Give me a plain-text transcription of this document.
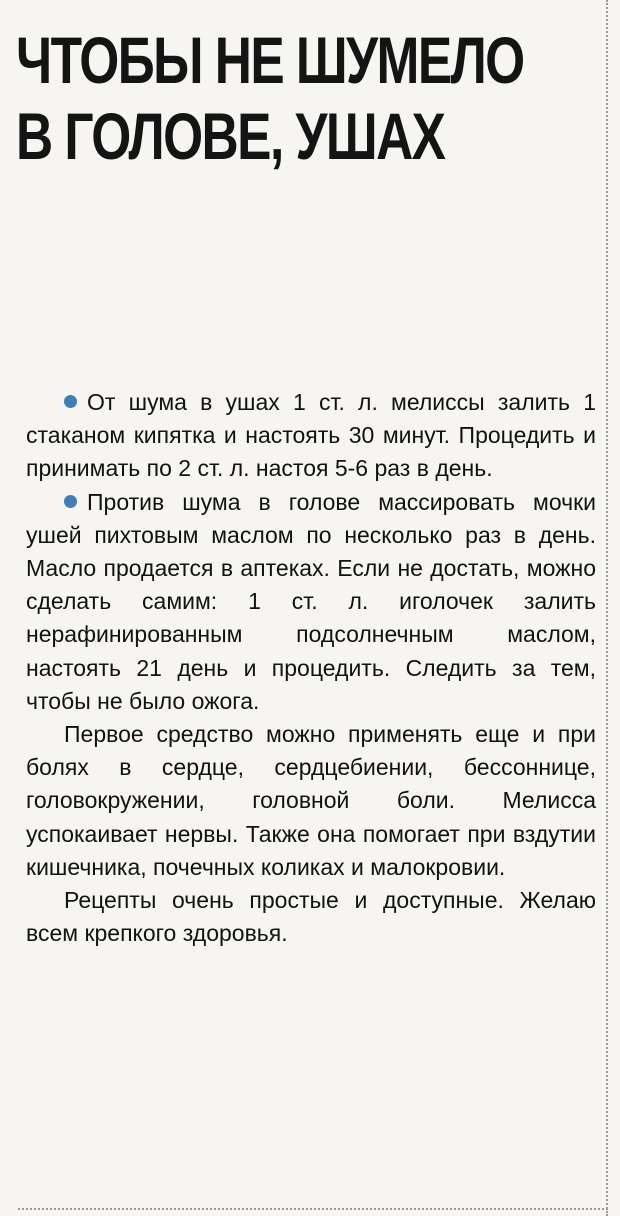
ЧТОБЫ НЕ ШУМЕЛО
В ГОЛОВЕ, УШАХ

От шума в ушах 1 ст. л. мелиссы залить 1 стаканом кипятка и настоять 30 минут. Процедить и принимать по 2 ст. л. настоя 5-6 раз в день.

Против шума в голове массировать мочки ушей пихтовым маслом по несколько раз в день. Масло продается в аптеках. Если не достать, можно сделать самим: 1 ст. л. иголочек залить нерафинированным подсолнечным маслом, настоять 21 день и процедить. Следить за тем, чтобы не было ожога.

Первое средство можно применять еще и при болях в сердце, сердцебиении, бессоннице, головокружении, головной боли. Мелисса успокаивает нервы. Также она помогает при вздутии кишечника, почечных коликах и малокровии.

Рецепты очень простые и доступные. Желаю всем крепкого здоровья.
